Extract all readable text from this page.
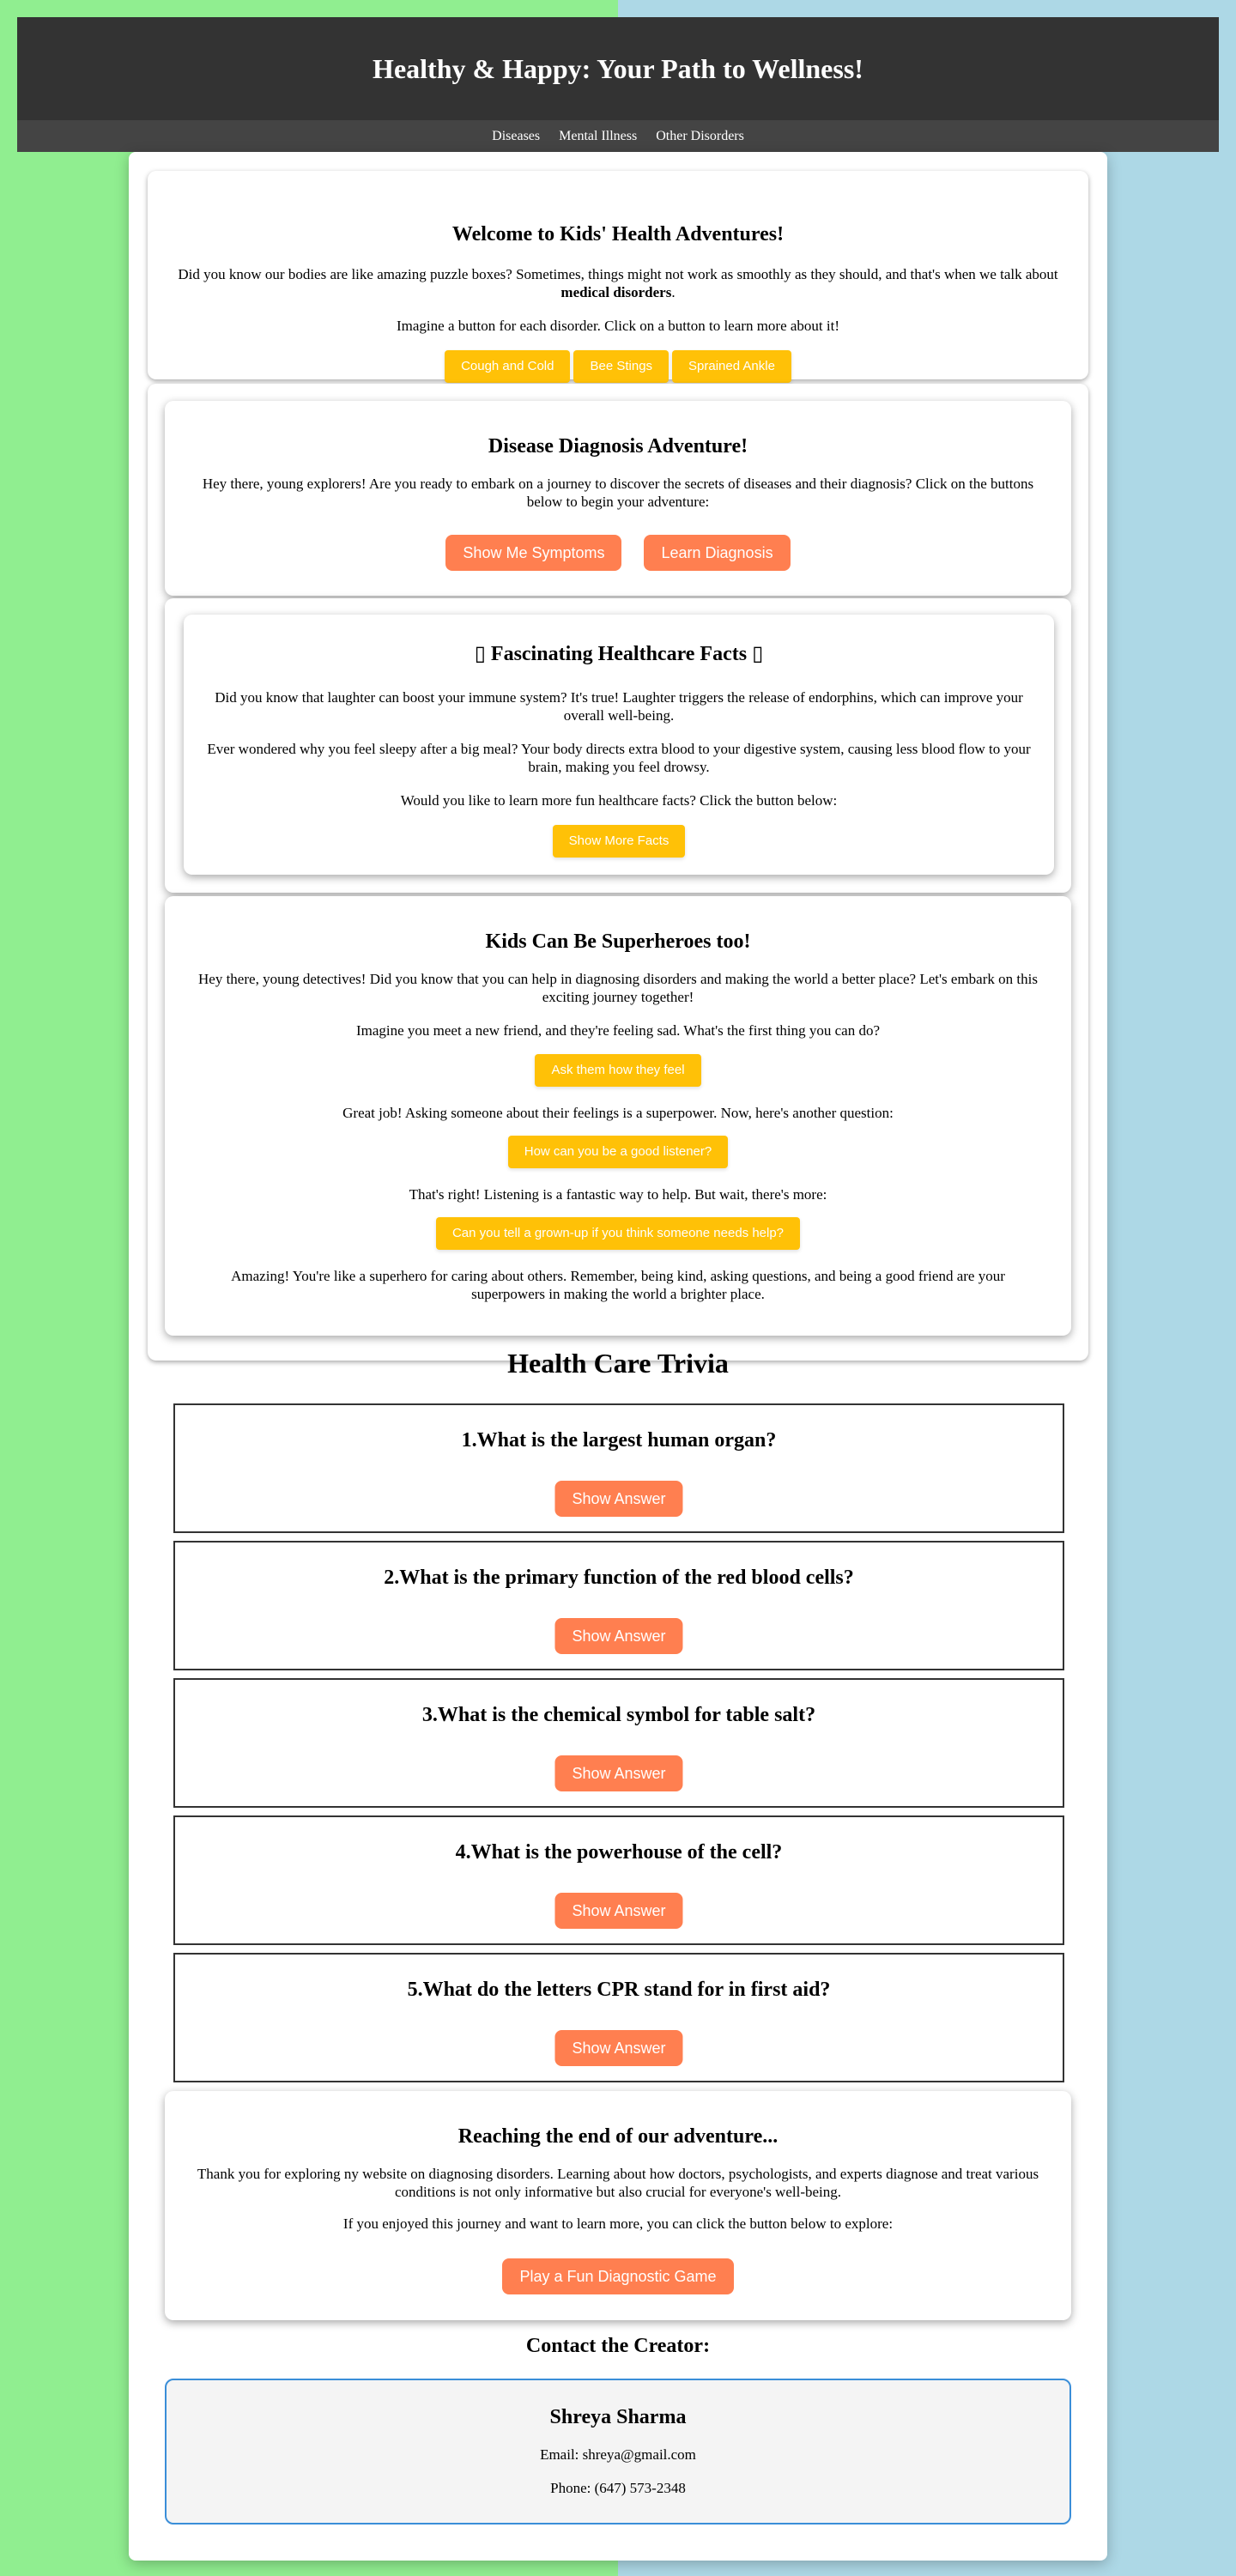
Healthy & Happy: Your Path to Wellness!
Diseases Mental Illness Other Disorders
Welcome to Kids' Health Adventures!

Did you know our bodies are like amazing puzzle boxes? Sometimes, things might not work as smoothly as they should, and that's when we talk about medical disorders.

Imagine a button for each disorder. Click on a button to learn more about it!

Cough and Cold	Bee Stings	Sprained Ankle
Disease Diagnosis Adventure!

Hey there, young explorers! Are you ready to embark on a journey to discover the secrets of diseases and their diagnosis? Click on the buttons below to begin your adventure:

Show Me Symptoms	Learn Diagnosis
▯ Fascinating Healthcare Facts ▯

Did you know that laughter can boost your immune system? It's true! Laughter triggers the release of endorphins, which can improve your overall well-being.

Ever wondered why you feel sleepy after a big meal? Your body directs extra blood to your digestive system, causing less blood flow to your brain, making you feel drowsy.

Would you like to learn more fun healthcare facts? Click the button below:

Show More Facts
Kids Can Be Superheroes too!

Hey there, young detectives! Did you know that you can help in diagnosing disorders and making the world a better place? Let's embark on this exciting journey together!

Imagine you meet a new friend, and they're feeling sad. What's the first thing you can do?

Ask them how they feel

Great job! Asking someone about their feelings is a superpower. Now, here's another question:

How can you be a good listener?

That's right! Listening is a fantastic way to help. But wait, there's more:

Can you tell a grown-up if you think someone needs help?

Amazing! You're like a superhero for caring about others. Remember, being kind, asking questions, and being a good friend are your superpowers in making the world a brighter place.

Health Care Trivia
1.What is the largest human organ?
Show Answer
2.What is the primary function of the red blood cells?
Show Answer
3.What is the chemical symbol for table salt?
Show Answer
4.What is the powerhouse of the cell?
Show Answer
5.What do the letters CPR stand for in first aid?
Show Answer
Reaching the end of our adventure...

Thank you for exploring ny website on diagnosing disorders. Learning about how doctors, psychologists, and experts diagnose and treat various conditions is not only informative but also crucial for everyone's well-being.

If you enjoyed this journey and want to learn more, you can click the button below to explore:

Play a Fun Diagnostic Game
Contact the Creator:
Shreya Sharma

Email: shreya@gmail.com

Phone: (647) 573-2348
